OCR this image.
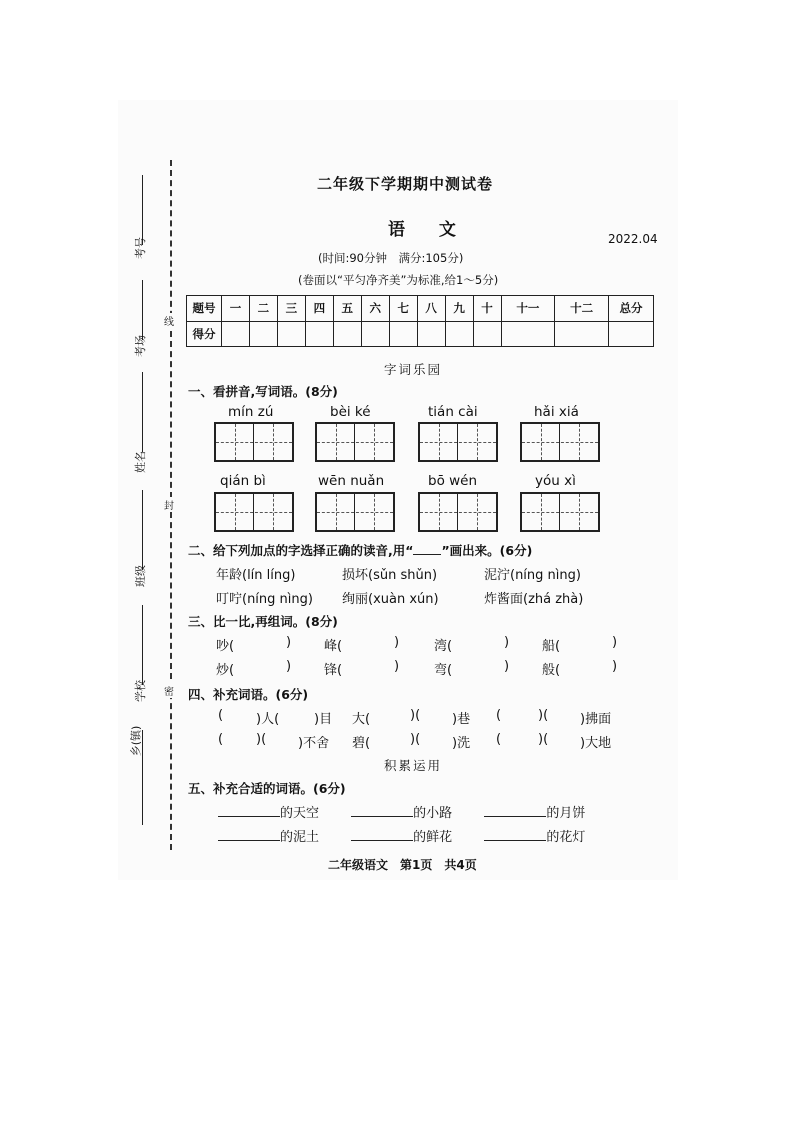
考号
考场
姓名
班级
学校
乡(镇)
线
封
密
二年级下学期期中测试卷
语 文	2022.04
(时间:90分钟　满分:105分)
(卷面以“平匀净齐美”为标准,给1～5分)
题号	一	二	三	四	五	六	七	八	九	十	十一	十二	总分
得分													
字词乐园
一、看拼音,写词语。(8分)
mín zú	bèi ké	tián cài	hǎi xiá
qián bì	wēn nuǎn	bō wén	yóu xì
二、给下列加点的字选择正确的读音,用“ ”画出来。(6分)
年龄(lín líng)	损坏(sǔn shǔn)	泥泞(níng nìng)
叮咛(níng nìng) 绚丽(xuàn xún)	炸酱面(zhá zhà)
三、比一比,再组词。(8分)
吵(	)	峰(	)	湾(	)	船(	)
炒(	)	锋(	)	弯(	)	般(	)
四、补充词语。(6分)
(	)人(	)目 大(	)( )巷 (	)( )拂面
(	)( )不舍 碧(	)( )洗 (	)( )大地
积累运用
五、补充合适的词语。(6分)
的天空	的小路	的月饼
的泥土	的鲜花	的花灯
二年级语文　第1页　共4页
